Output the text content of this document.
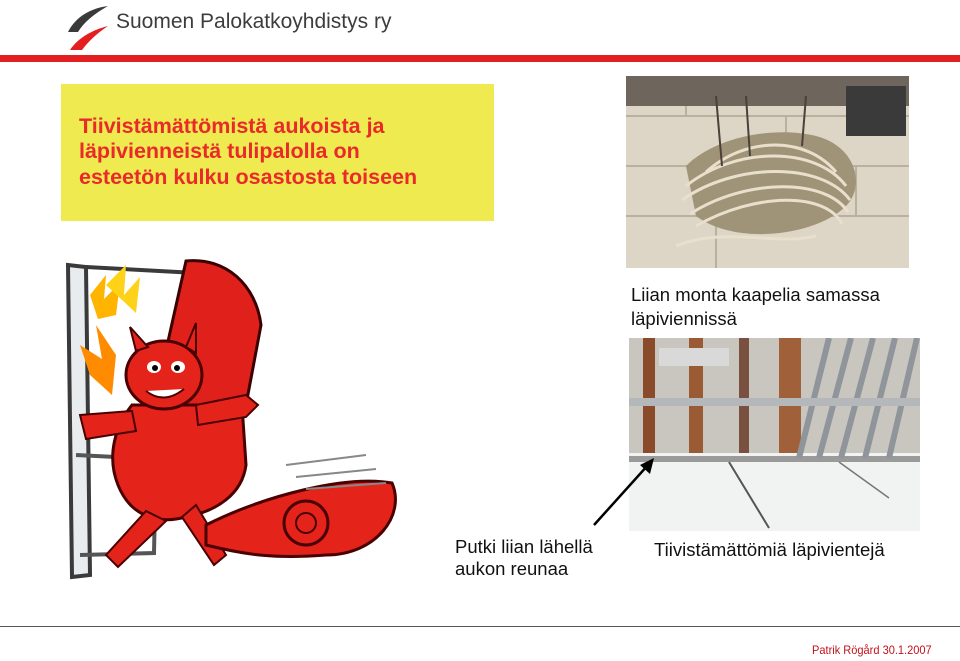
Suomen Palokatkoyhdistys ry

Tiivistämättömistä aukoista ja
läpivienneistä tulipalolla on
esteetön kulku osastosta toiseen

Liian monta kaapelia samassa
läpiviennissä
Putki liian lähellä
aukon reunaa
Tiivistämättömiä läpivientejä
Patrik Rögård 30.1.2007
